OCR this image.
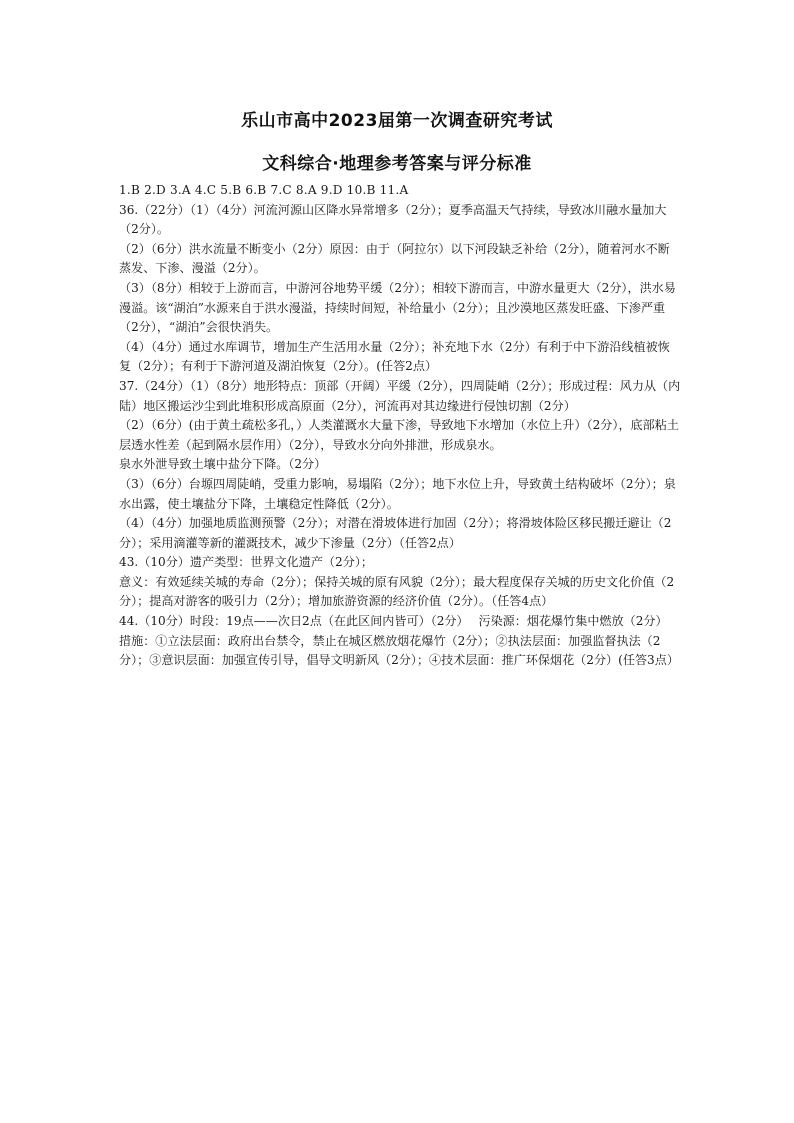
乐山市高中2023届第一次调查研究考试
文科综合·地理参考答案与评分标准

1.B 2.D 3.A 4.C 5.B 6.B 7.C 8.A 9.D 10.B 11.A

36.（22分）（1）（4分）河流河源山区降水异常增多（2分）；夏季高温天气持续，导致冰川融水量加大（2分）。

（2）（6分）洪水流量不断变小（2分）原因：由于（阿拉尔）以下河段缺乏补给（2分），随着河水不断蒸发、下渗、漫溢（2分）。

（3）（8分）相较于上游而言，中游河谷地势平缓（2分）；相较下游而言，中游水量更大（2分），洪水易漫溢。该“湖泊”水源来自于洪水漫溢，持续时间短，补给量小（2分）；且沙漠地区蒸发旺盛、下渗严重（2分），“湖泊”会很快消失。

（4）（4分）通过水库调节，增加生产生活用水量（2分）；补充地下水（2分）有利于中下游沿线植被恢复（2分）；有利于下游河道及湖泊恢复（2分）。(任答2点）

37.（24分）（1）（8分）地形特点：顶部（开阔）平缓（2分），四周陡峭（2分）；形成过程：风力从（内陆）地区搬运沙尘到此堆积形成高原面（2分），河流再对其边缘进行侵蚀切割（2分）

（2）（6分）(由于黄土疏松多孔，）人类灌溉水大量下渗，导致地下水增加（水位上升）（2分），底部粘土层透水性差（起到隔水层作用）（2分），导致水分向外排泄，形成泉水。

泉水外泄导致土壤中盐分下降。（2分）

（3）（6分）台塬四周陡峭，受重力影响，易塌陷（2分）；地下水位上升，导致黄土结构破坏（2分）；泉水出露，使土壤盐分下降，土壤稳定性降低（2分）。

（4）（4分）加强地质监测预警（2分）；对潜在滑坡体进行加固（2分）；将滑坡体险区移民搬迁避让（2分）；采用滴灌等新的灌溉技术，减少下渗量（2分）（任答2点）

43.（10分）遗产类型：世界文化遗产（2分）；

意义：有效延续关城的寿命（2分）；保持关城的原有风貌（2分）；最大程度保存关城的历史文化价值（2分）；提高对游客的吸引力（2分）；增加旅游资源的经济价值（2分）。（任答4点）

44.（10分）时段：19点——次日2点（在此区间内皆可）（2分）　 污染源：烟花爆竹集中燃放（2分）

措施：①立法层面：政府出台禁令，禁止在城区燃放烟花爆竹（2分）；②执法层面：加强监督执法（2分）；③意识层面：加强宣传引导，倡导文明新风（2分）；④技术层面：推广环保烟花（2分）(任答3点）
